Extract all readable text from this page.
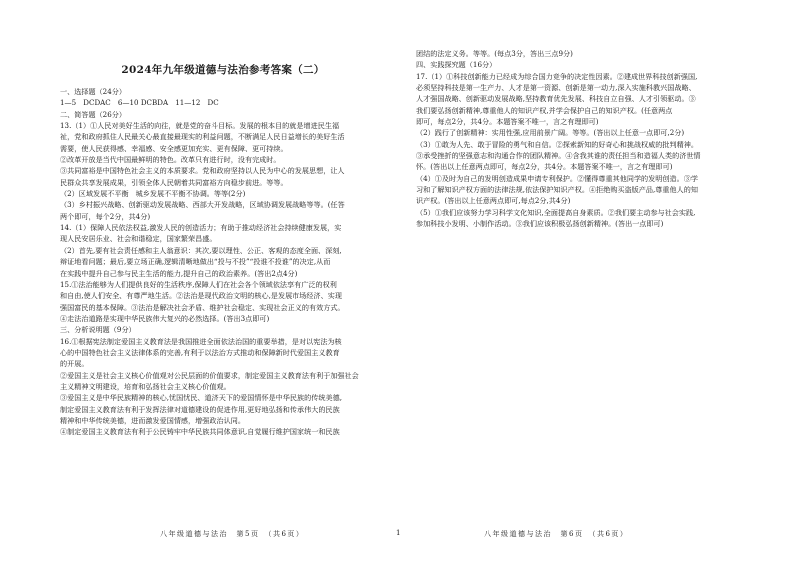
2024年九年级道德与法治参考答案（二）

一、选择题（24分）

1—5　DCDAC　6—10 DCBDA　11—12　DC

二、简答题（26分）

13.（1）①人民对美好生活的向往，就是党的奋斗目标。发展的根本目的就是增进民生福

祉，党和政府抓住人民最关心最直接最现实的利益问题，不断满足人民日益增长的美好生活

需要，使人民获得感、幸福感、安全感更加充实、更有保障、更可持续。

②改革开放是当代中国最鲜明的特色。改革只有进行时，没有完成时。

③共同富裕是中国特色社会主义的本质要求。党和政府坚持以人民为中心的发展思想，让人

民群众共享发展成果，引领全体人民朝着共同富裕方向稳步前进。等等。

（2）区域发展不平衡　城乡发展不平衡不协调。等等(2分)

（3）乡村振兴战略、创新驱动发展战略、西部大开发战略，区域协调发展战略等等。(任答

两个即可，每个2分，共4分)

14.（1）保障人民依法权益,激发人民的创造活力；有助于推动经济社会持续健康发展，实

现人民安居乐业、社会和谐稳定，国家繁荣昌盛。

（2）首先,要有社会责任感和主人翁意识：其次,要以理性、公正、客观的态度全面、深刻,

辩证地看问题；最后,要立场正确,逻辑清晰地做出“投与不投”“投谁不投谁”的决定,从而

在实践中提升自己参与民主生活的能力,提升自己的政治素养。(答出2点4分)

15.①法治能够为人们提供良好的生活秩序,保障人们在社会各个领域依法享有广泛的权利

和自由,使人们安全、有尊严地生活。②法治是现代政治文明的核心,是发展市场经济、实现

强国富民的基本保障。③法治是解决社会矛盾、维护社会稳定、实现社会正义的有效方式。

④走法治道路是实现中华民族伟大复兴的必然选择。(答出3点即可)

三、分析说明题（9分）

16.①根据宪法制定爱国主义教育法是我国推进全面依法治国的重要举措，是对以宪法为核

心的中国特色社会主义法律体系的完善,有利于以法治方式推动和保障新时代爱国主义教育

的开展。

②爱国主义是社会主义核心价值观对公民层面的价值要求，制定爱国主义教育法有利于加强社会

主义精神文明建设，培育和弘扬社会主义核心价值观。

③爱国主义是中华民族精神的核心,忧国忧民、道济天下的爱国情怀是中华民族的传统美德,

制定爱国主义教育法有利于发挥法律对道德建设的促进作用,更好地弘扬和传承伟大的民族

精神和中华传统美德，进而激发爱国情感，增强政治认同。

④制定爱国主义教育法有利于公民铸牢中华民族共同体意识,自觉履行维护国家统一和民族

团结的法定义务。等等。(每点3分，答出三点9分)

四、实践探究题（16分）

17.（1）①科技创新能力已经成为综合国力竞争的决定性因素。②建成世界科技创新强国,

必须坚持科技是第一生产力、人才是第一资源、创新是第一动力,深入实施科教兴国战略、

人才强国战略、创新驱动发展战略,坚持教育优先发展、科技自立自强、人才引领驱动。③

我们要弘扬创新精神,尊重他人的知识产权,并学会保护自己的知识产权。(任意两点

即可，每点2分，共4分。本题答案不唯一，言之有理即可)

（2）践行了创新精神：实用性强,应用前景广阔。等等。(答出以上任意一点即可,2分)

（3）①敢为人先、敢于冒险的勇气和自信。②探索新知的好奇心和挑战权威的批判精神。

③承受挫折的坚强意志和沟通合作的团队精神。④含我其谁的责任担当和造福人类的济世情

怀。(答出以上任意两点即可，每点2分，共4分。本题答案不唯一，言之有理即可)

（4）①及时为自己的发明创造成果申请专利保护。②懂得尊重其他同学的发明创造。③学

习和了解知识产权方面的法律法规,依法保护知识产权。④拒绝购买盗版产品,尊重他人的知

识产权。(答出以上任意两点即可,每点2分,共4分)

（5）①我们应该努力学习科学文化知识,全面提高自身素质。②我们要主动参与社会实践,

参加科技小发明、小制作活动。③我们应该积极弘扬创新精神。(答出一点即可)

八年级道德与法治　第5页　（共6页）	1	八年级道德与法治　第6页　（共6页）
